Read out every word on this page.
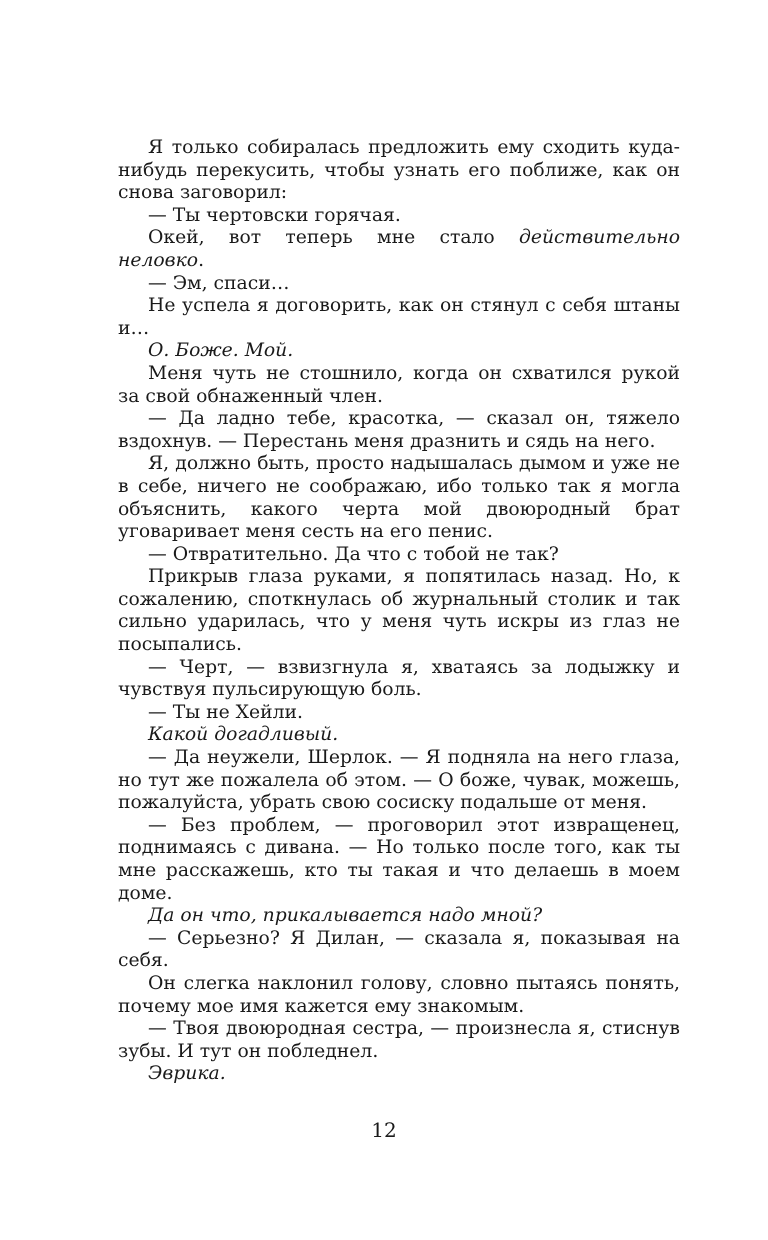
Я только собиралась предложить ему сходить куда-нибудь перекусить, чтобы узнать его поближе, как он снова заговорил:

— Ты чертовски горячая.

Окей, вот теперь мне стало действительно неловко.

— Эм, спаси…

Не успела я договорить, как он стянул с себя штаны и…

О. Боже. Мой.

Меня чуть не стошнило, когда он схватился рукой за свой обнаженный член.

— Да ладно тебе, красотка, — сказал он, тяжело вздохнув. — Перестань меня дразнить и сядь на него.

Я, должно быть, просто надышалась дымом и уже не в себе, ничего не соображаю, ибо только так я могла объяснить, какого черта мой двоюродный брат уговаривает меня сесть на его пенис.

— Отвратительно. Да что с тобой не так?

Прикрыв глаза руками, я попятилась назад. Но, к сожалению, споткнулась об журнальный столик и так сильно ударилась, что у меня чуть искры из глаз не посыпались.

— Черт, — взвизгнула я, хватаясь за лодыжку и чувствуя пульсирующую боль.

— Ты не Хейли.

Какой догадливый.

— Да неужели, Шерлок. — Я подняла на него глаза, но тут же пожалела об этом. — О боже, чувак, можешь, пожалуйста, убрать свою сосиску подальше от меня.

— Без проблем, — проговорил этот извращенец, поднимаясь с дивана. — Но только после того, как ты мне расскажешь, кто ты такая и что делаешь в моем доме.

Да он что, прикалывается надо мной?

— Серьезно? Я Дилан, — сказала я, показывая на себя.

Он слегка наклонил голову, словно пытаясь понять, почему мое имя кажется ему знакомым.

— Твоя двоюродная сестра, — произнесла я, стиснув зубы. И тут он побледнел.

Эврика.

12
